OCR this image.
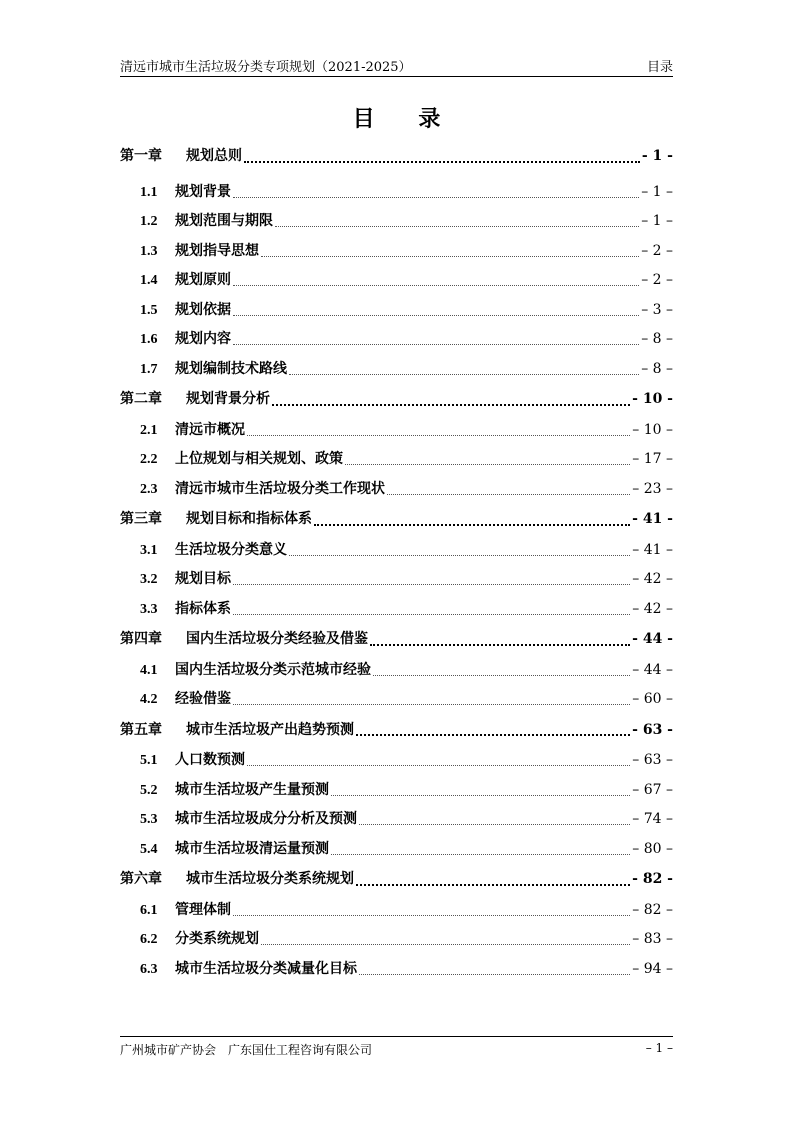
清远市城市生活垃圾分类专项规划（2021-2025）	目录
目 录
第一章	规划总则	- 1 -
1.1	规划背景	– 1 –
1.2	规划范围与期限	– 1 –
1.3	规划指导思想	– 2 –
1.4	规划原则	– 2 –
1.5	规划依据	– 3 –
1.6	规划内容	– 8 –
1.7	规划编制技术路线	– 8 –
第二章	规划背景分析	- 10 -
2.1	清远市概况	– 10 –
2.2	上位规划与相关规划、政策	– 17 –
2.3	清远市城市生活垃圾分类工作现状	– 23 –
第三章	规划目标和指标体系	- 41 -
3.1	生活垃圾分类意义	– 41 –
3.2	规划目标	– 42 –
3.3	指标体系	– 42 –
第四章	国内生活垃圾分类经验及借鉴	- 44 -
4.1	国内生活垃圾分类示范城市经验	– 44 –
4.2	经验借鉴	– 60 –
第五章	城市生活垃圾产出趋势预测	- 63 -
5.1	人口数预测	– 63 –
5.2	城市生活垃圾产生量预测	– 67 –
5.3	城市生活垃圾成分分析及预测	– 74 –
5.4	城市生活垃圾清运量预测	– 80 –
第六章	城市生活垃圾分类系统规划	- 82 -
6.1	管理体制	– 82 –
6.2	分类系统规划	– 83 –
6.3	城市生活垃圾分类减量化目标	– 94 –
广州城市矿产协会　广东国仕工程咨询有限公司	– 1 –
